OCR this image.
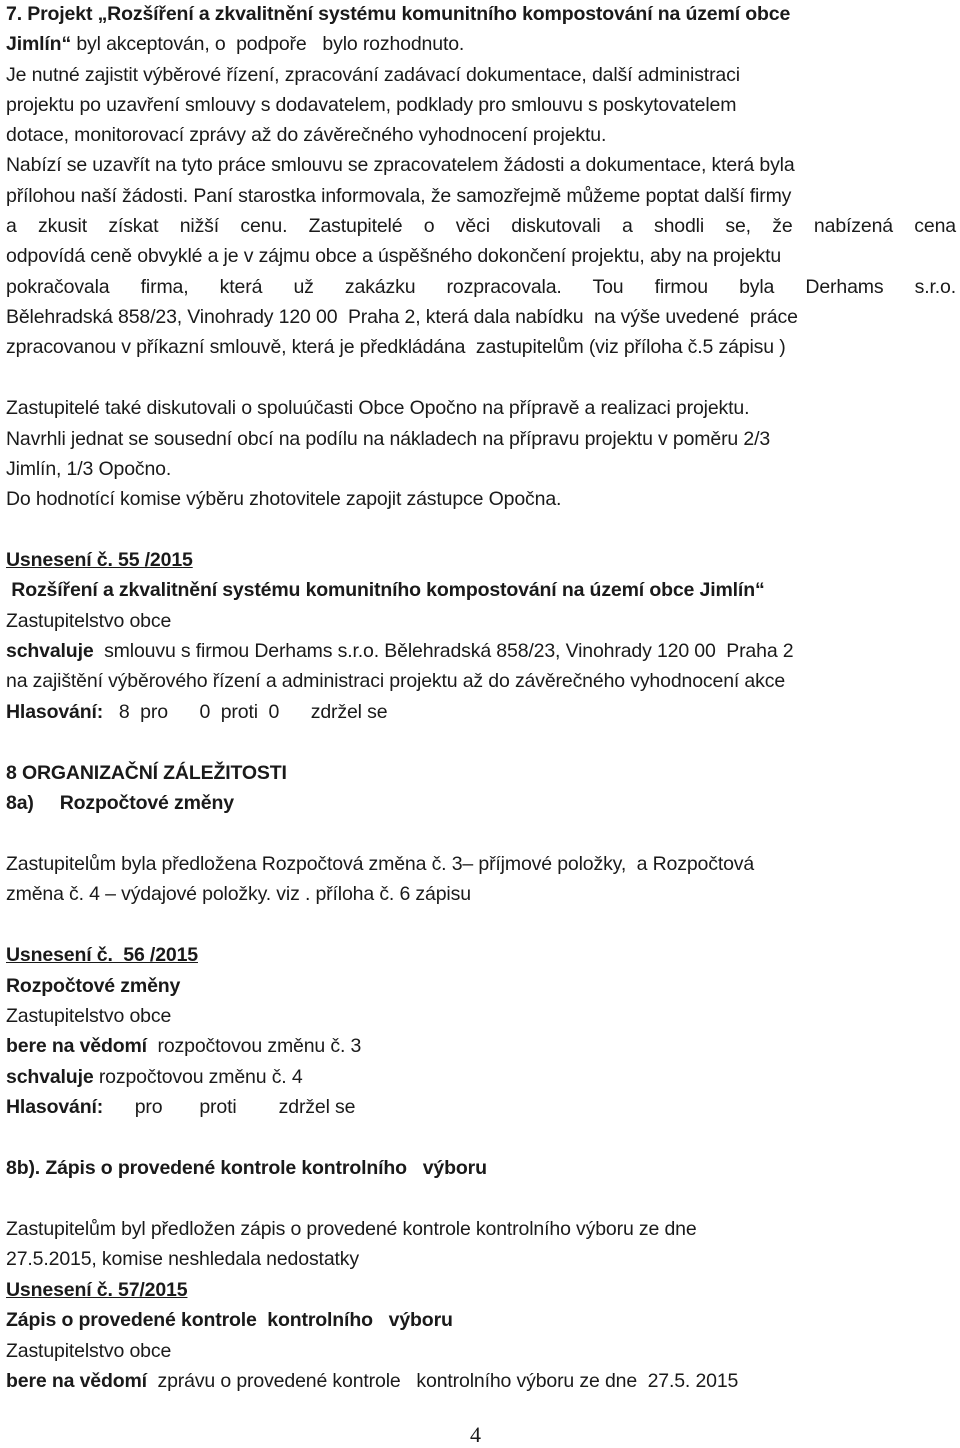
7. Projekt „Rozšíření a zkvalitnění systému komunitního kompostování na území obce
Jimlín“ byl akceptován, o  podpoře   bylo rozhodnuto.
Je nutné zajistit výběrové řízení, zpracování zadávací dokumentace, další administraci
projektu po uzavření smlouvy s dodavatelem, podklady pro smlouvu s poskytovatelem
dotace, monitorovací zprávy až do závěrečného vyhodnocení projektu.
Nabízí se uzavřít na tyto práce smlouvu se zpracovatelem žádosti a dokumentace, která byla
přílohou naší žádosti. Paní starostka informovala, že samozřejmě můžeme poptat další firmy
a zkusit získat nižší cenu. Zastupitelé o věci diskutovali a shodli se, že nabízená cena
odpovídá ceně obvyklé a je v zájmu obce a úspěšného dokončení projektu, aby na projektu
pokračovala firma, která už zakázku rozpracovala. Tou firmou byla Derhams s.r.o.
Bělehradská 858/23, Vinohrady 120 00  Praha 2, která dala nabídku  na výše uvedené  práce
zpracovanou v příkazní smlouvě, která je předkládána  zastupitelům (viz příloha č.5 zápisu )
Zastupitelé také diskutovali o spoluúčasti Obce Opočno na přípravě a realizaci projektu.
Navrhli jednat se sousední obcí na podílu na nákladech na přípravu projektu v poměru 2/3
Jimlín, 1/3 Opočno.
Do hodnotící komise výběru zhotovitele zapojit zástupce Opočna.
Usnesení č. 55 /2015
Rozšíření a zkvalitnění systému komunitního kompostování na území obce Jimlín“
Zastupitelstvo obce
schvaluje  smlouvu s firmou Derhams s.r.o. Bělehradská 858/23, Vinohrady 120 00  Praha 2
na zajištění výběrového řízení a administraci projektu až do závěrečného vyhodnocení akce
Hlasování:   8  pro      0  proti  0      zdržel se
8 ORGANIZAČNÍ ZÁLEŽITOSTI
8a) Rozpočtové změny
Zastupitelům byla předložena Rozpočtová změna č. 3– příjmové položky,  a Rozpočtová
změna č. 4 – výdajové položky. viz . příloha č. 6 zápisu
Usnesení č.  56 /2015
Rozpočtové změny
Zastupitelstvo obce
bere na vědomí  rozpočtovou změnu č. 3
schvaluje rozpočtovou změnu č. 4
Hlasování:      pro       proti        zdržel se
8b). Zápis o provedené kontrole kontrolního   výboru
Zastupitelům byl předložen zápis o provedené kontrole kontrolního výboru ze dne
27.5.2015, komise neshledala nedostatky
Usnesení č. 57/2015
Zápis o provedené kontrole  kontrolního   výboru
Zastupitelstvo obce
bere na vědomí  zprávu o provedené kontrole   kontrolního výboru ze dne  27.5. 2015
4
